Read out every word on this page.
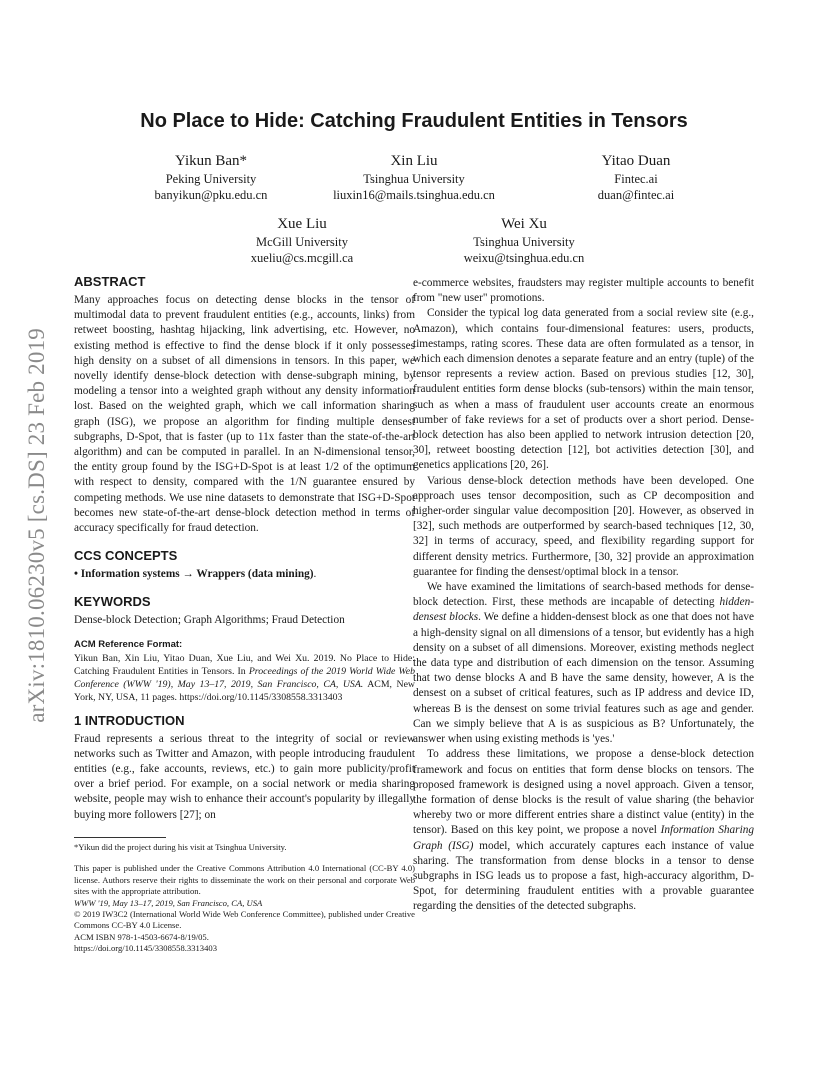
arXiv:1810.06230v5 [cs.DS] 23 Feb 2019
No Place to Hide: Catching Fraudulent Entities in Tensors
Yikun Ban*
Peking University
banyikun@pku.edu.cn
Xin Liu
Tsinghua University
liuxin16@mails.tsinghua.edu.cn
Yitao Duan
Fintec.ai
duan@fintec.ai
Xue Liu
McGill University
xueliu@cs.mcgill.ca
Wei Xu
Tsinghua University
weixu@tsinghua.edu.cn
ABSTRACT

Many approaches focus on detecting dense blocks in the tensor of multimodal data to prevent fraudulent entities (e.g., accounts, links) from retweet boosting, hashtag hijacking, link advertising, etc. However, no existing method is effective to find the dense block if it only possesses high density on a subset of all dimensions in tensors. In this paper, we novelly identify dense-block detection with dense-subgraph mining, by modeling a tensor into a weighted graph without any density information lost. Based on the weighted graph, which we call information sharing graph (ISG), we propose an algorithm for finding multiple densest subgraphs, D-Spot, that is faster (up to 11x faster than the state-of-the-art algorithm) and can be computed in parallel. In an N-dimensional tensor, the entity group found by the ISG+D-Spot is at least 1/2 of the optimum with respect to density, compared with the 1/N guarantee ensured by competing methods. We use nine datasets to demonstrate that ISG+D-Spot becomes new state-of-the-art dense-block detection method in terms of accuracy specifically for fraud detection.

CCS CONCEPTS

• Information systems → Wrappers (data mining).

KEYWORDS

Dense-block Detection; Graph Algorithms; Fraud Detection

ACM Reference Format:

Yikun Ban, Xin Liu, Yitao Duan, Xue Liu, and Wei Xu. 2019. No Place to Hide: Catching Fraudulent Entities in Tensors. In Proceedings of the 2019 World Wide Web Conference (WWW '19), May 13–17, 2019, San Francisco, CA, USA. ACM, New York, NY, USA, 11 pages. https://doi.org/10.1145/3308558.3313403

1 INTRODUCTION

Fraud represents a serious threat to the integrity of social or review networks such as Twitter and Amazon, with people introducing fraudulent entities (e.g., fake accounts, reviews, etc.) to gain more publicity/profit over a brief period. For example, on a social network or media sharing website, people may wish to enhance their account's popularity by illegally buying more followers [27]; on

*Yikun did the project during his visit at Tsinghua University.

This paper is published under the Creative Commons Attribution 4.0 International (CC-BY 4.0) license. Authors reserve their rights to disseminate the work on their personal and corporate Web sites with the appropriate attribution.

WWW '19, May 13–17, 2019, San Francisco, CA, USA

© 2019 IW3C2 (International World Wide Web Conference Committee), published under Creative Commons CC-BY 4.0 License.

ACM ISBN 978-1-4503-6674-8/19/05.

https://doi.org/10.1145/3308558.3313403

e-commerce websites, fraudsters may register multiple accounts to benefit from "new user" promotions.

Consider the typical log data generated from a social review site (e.g., Amazon), which contains four-dimensional features: users, products, timestamps, rating scores. These data are often formulated as a tensor, in which each dimension denotes a separate feature and an entry (tuple) of the tensor represents a review action. Based on previous studies [12, 30], fraudulent entities form dense blocks (sub-tensors) within the main tensor, such as when a mass of fraudulent user accounts create an enormous number of fake reviews for a set of products over a short period. Dense-block detection has also been applied to network intrusion detection [20, 30], retweet boosting detection [12], bot activities detection [30], and genetics applications [20, 26].

Various dense-block detection methods have been developed. One approach uses tensor decomposition, such as CP decomposition and higher-order singular value decomposition [20]. However, as observed in [32], such methods are outperformed by search-based techniques [12, 30, 32] in terms of accuracy, speed, and flexibility regarding support for different density metrics. Furthermore, [30, 32] provide an approximation guarantee for finding the densest/optimal block in a tensor.

We have examined the limitations of search-based methods for dense-block detection. First, these methods are incapable of detecting hidden-densest blocks. We define a hidden-densest block as one that does not have a high-density signal on all dimensions of a tensor, but evidently has a high density on a subset of all dimensions. Moreover, existing methods neglect the data type and distribution of each dimension on the tensor. Assuming that two dense blocks A and B have the same density, however, A is the densest on a subset of critical features, such as IP address and device ID, whereas B is the densest on some trivial features such as age and gender. Can we simply believe that A is as suspicious as B? Unfortunately, the answer when using existing methods is 'yes.'

To address these limitations, we propose a dense-block detection framework and focus on entities that form dense blocks on tensors. The proposed framework is designed using a novel approach. Given a tensor, the formation of dense blocks is the result of value sharing (the behavior whereby two or more different entries share a distinct value (entity) in the tensor). Based on this key point, we propose a novel Information Sharing Graph (ISG) model, which accurately captures each instance of value sharing. The transformation from dense blocks in a tensor to dense subgraphs in ISG leads us to propose a fast, high-accuracy algorithm, D-Spot, for determining fraudulent entities with a provable guarantee regarding the densities of the detected subgraphs.
